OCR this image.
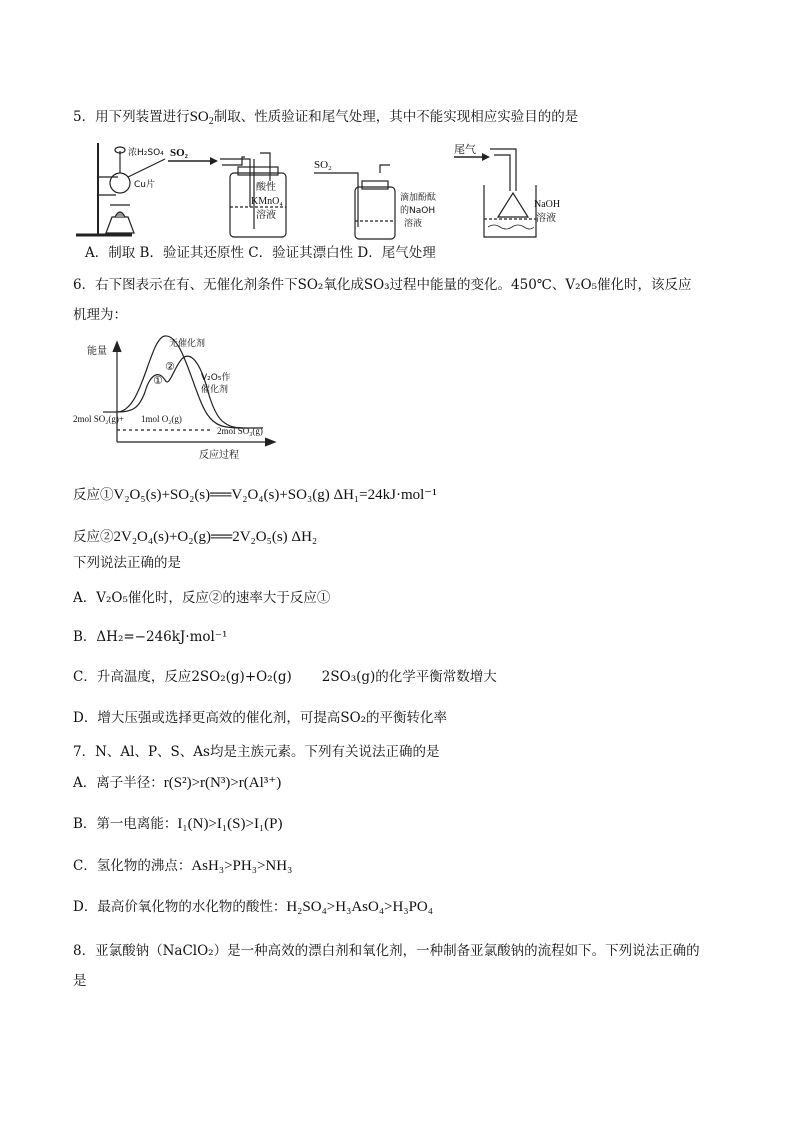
5．用下列装置进行$SO_2$制取、性质验证和尾气处理，其中不能实现相应实验目的的是
浓H₂SO₄
Cu片
SO₂
酸性
KMnO₄
溶液
SO₂
滴加酚酞
的NaOH
溶液
尾气
NaOH
溶液
A．制取 B．验证其还原性 C．验证其漂白性 D．尾气处理
6．右下图表示在有、无催化剂条件下SO₂氧化成SO₃过程中能量的变化。450℃、V₂O₅催化时，该反应
机理为：
能量
无催化剂
V₂O₅作
催化剂
①
②
2mol SO₂(g)+ 1mol O₂(g)
2mol SO₃(g)
反应过程
反应①V₂O₅(s)+SO₂(s)══V₂O₄(s)+SO₃(g) ΔH₁=24kJ·mol⁻¹
反应②2V₂O₄(s)+O₂(g)══2V₂O₅(s) ΔH₂
下列说法正确的是
A．V₂O₅催化时，反应②的速率大于反应①
B．ΔH₂=−246kJ·mol⁻¹
C．升高温度，反应2SO₂(g)+O₂(g) 2SO₃(g)的化学平衡常数增大
D．增大压强或选择更高效的催化剂，可提高SO₂的平衡转化率
7．N、Al、P、S、As均是主族元素。下列有关说法正确的是
A．离子半径：r(S²)>r(N³)>r(Al³⁺)
B．第一电离能：I₁(N)>I₁(S)>I₁(P)
C．氢化物的沸点：AsH₃>PH₃>NH₃
D．最高价氧化物的水化物的酸性：H₂SO₄>H₃AsO₄>H₃PO₄
8．亚氯酸钠（NaClO₂）是一种高效的漂白剂和氧化剂，一种制备亚氯酸钠的流程如下。下列说法正确的
是
